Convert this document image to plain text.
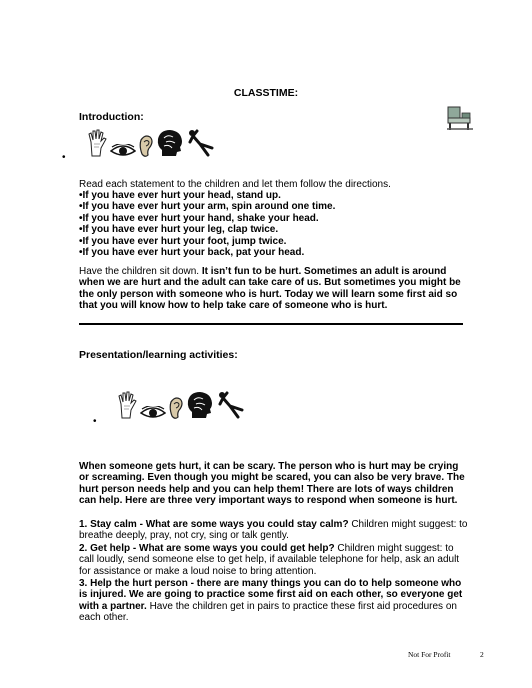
CLASSTIME:
Introduction:
•
Read each statement to the children and let them follow the directions.
• If you have ever hurt your head, stand up.
• If you have ever hurt your arm, spin around one time.
• If you have ever hurt your hand, shake your head.
• If you have ever hurt your leg, clap twice.
• If you have ever hurt your foot, jump twice.
• If you have ever hurt your back, pat your head.
Have the children sit down. It isn’t fun to be hurt. Sometimes an adult is around when we are hurt and the adult can take care of us. But sometimes you might be the only person with someone who is hurt. Today we will learn some first aid so that you will know how to help take care of someone who is hurt.
Presentation/learning activities:
•
When someone gets hurt, it can be scary. The person who is hurt may be crying or screaming. Even though you might be scared, you can also be very brave. The hurt person needs help and you can help them! There are lots of ways children can help. Here are three very important ways to respond when someone is hurt.
1. Stay calm - What are some ways you could stay calm? Children might suggest: to breathe deeply, pray, not cry, sing or talk gently.
2. Get help - What are some ways you could get help? Children might suggest: to call loudly, send someone else to get help, if available telephone for help, ask an adult for assistance or make a loud noise to bring attention.
3. Help the hurt person - there are many things you can do to help someone who is injured. We are going to practice some first aid on each other, so everyone get with a partner. Have the children get in pairs to practice these first aid procedures on each other.
Not For Profit	2
